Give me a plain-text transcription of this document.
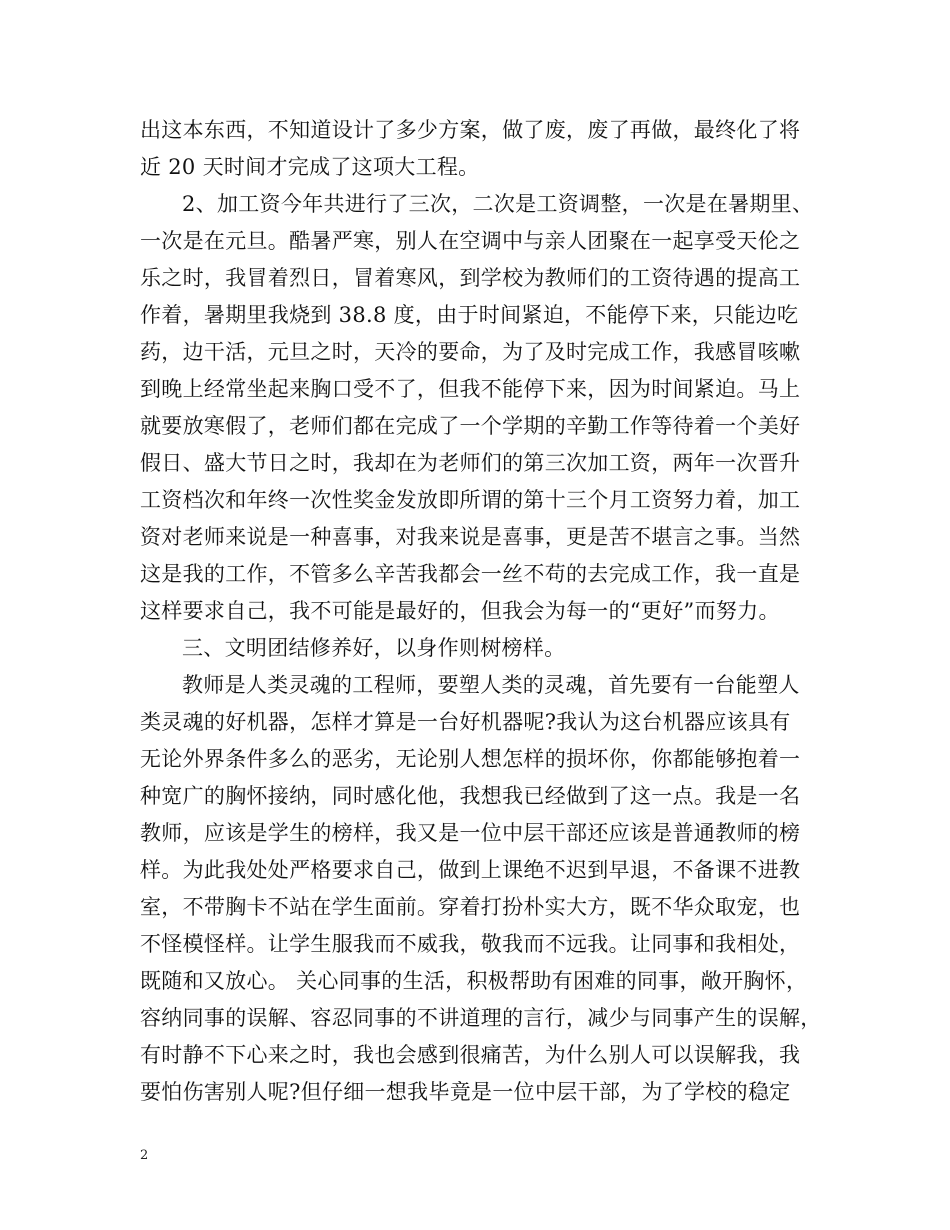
出这本东西，不知道设计了多少方案，做了废，废了再做，最终化了将
近 20 天时间才完成了这项大工程。
2、加工资今年共进行了三次，二次是工资调整，一次是在暑期里、
一次是在元旦。酷暑严寒，别人在空调中与亲人团聚在一起享受天伦之
乐之时，我冒着烈日，冒着寒风，到学校为教师们的工资待遇的提高工
作着，暑期里我烧到 38.8 度，由于时间紧迫，不能停下来，只能边吃
药，边干活，元旦之时，天冷的要命，为了及时完成工作，我感冒咳嗽
到晚上经常坐起来胸口受不了，但我不能停下来，因为时间紧迫。马上
就要放寒假了，老师们都在完成了一个学期的辛勤工作等待着一个美好
假日、盛大节日之时，我却在为老师们的第三次加工资，两年一次晋升
工资档次和年终一次性奖金发放即所谓的第十三个月工资努力着，加工
资对老师来说是一种喜事，对我来说是喜事，更是苦不堪言之事。当然
这是我的工作，不管多么辛苦我都会一丝不苟的去完成工作，我一直是
这样要求自己，我不可能是最好的，但我会为每一的“更好”而努力。
三、文明团结修养好，以身作则树榜样。
教师是人类灵魂的工程师，要塑人类的灵魂，首先要有一台能塑人
类灵魂的好机器，怎样才算是一台好机器呢?我认为这台机器应该具有
无论外界条件多么的恶劣，无论别人想怎样的损坏你，你都能够抱着一
种宽广的胸怀接纳，同时感化他，我想我已经做到了这一点。我是一名
教师，应该是学生的榜样，我又是一位中层干部还应该是普通教师的榜
样。为此我处处严格要求自己，做到上课绝不迟到早退，不备课不进教
室，不带胸卡不站在学生面前。穿着打扮朴实大方，既不华众取宠，也
不怪模怪样。让学生服我而不威我，敬我而不远我。让同事和我相处，
既随和又放心。 关心同事的生活，积极帮助有困难的同事，敞开胸怀，
容纳同事的误解、容忍同事的不讲道理的言行，减少与同事产生的误解，
有时静不下心来之时，我也会感到很痛苦，为什么别人可以误解我，我
要怕伤害别人呢?但仔细一想我毕竟是一位中层干部，为了学校的稳定
2
